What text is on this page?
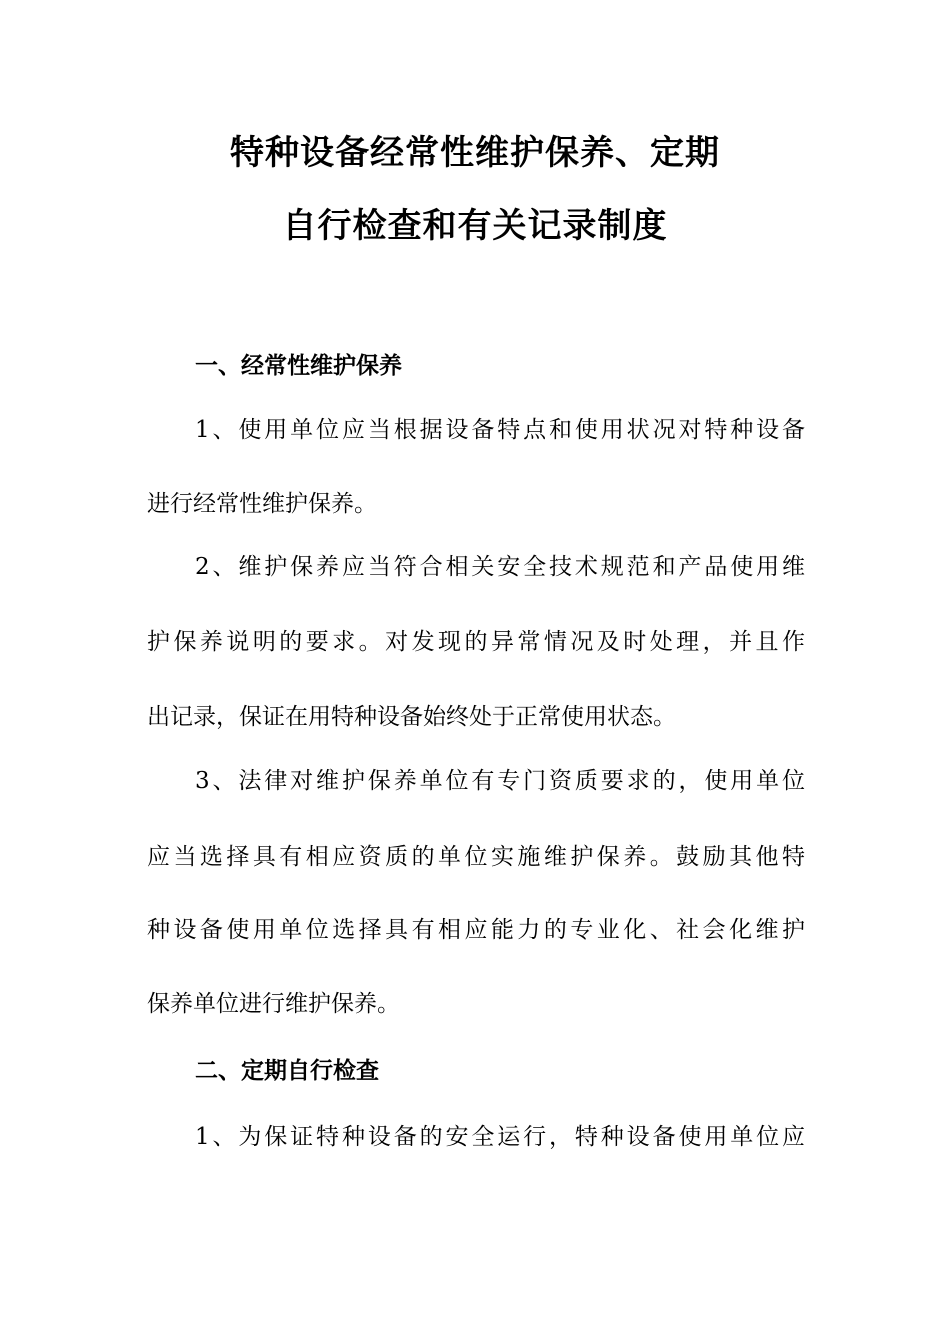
特种设备经常性维护保养、定期
自行检查和有关记录制度
一、经常性维护保养
1、使用单位应当根据设备特点和使用状况对特种设备
进行经常性维护保养。
2、维护保养应当符合相关安全技术规范和产品使用维
护保养说明的要求。对发现的异常情况及时处理，并且作
出记录，保证在用特种设备始终处于正常使用状态。
3、法律对维护保养单位有专门资质要求的，使用单位
应当选择具有相应资质的单位实施维护保养。鼓励其他特
种设备使用单位选择具有相应能力的专业化、社会化维护
保养单位进行维护保养。
二、定期自行检查
1、为保证特种设备的安全运行，特种设备使用单位应
